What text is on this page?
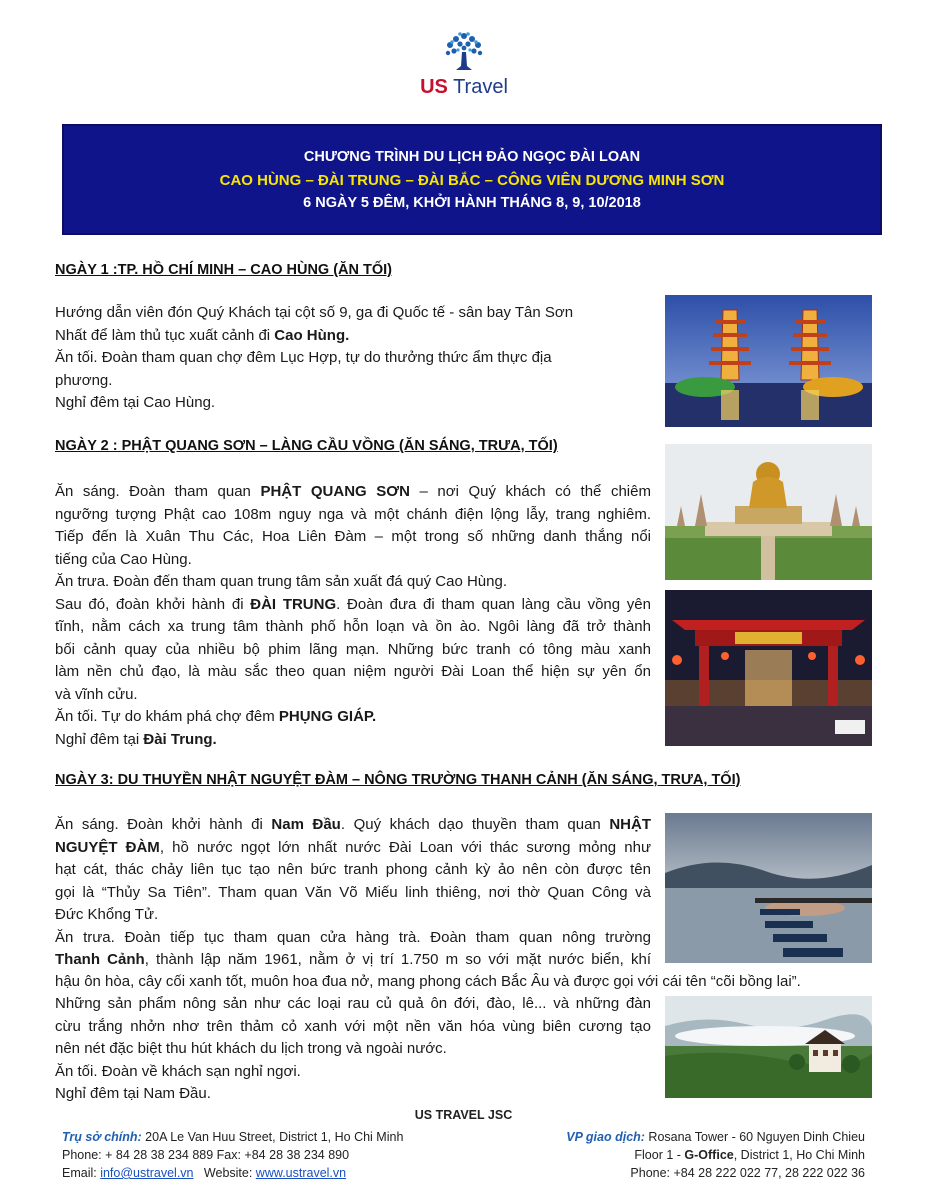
US Travel
CHƯƠNG TRÌNH DU LỊCH ĐẢO NGỌC ĐÀI LOAN
CAO HÙNG – ĐÀI TRUNG – ĐÀI BẮC – CÔNG VIÊN DƯƠNG MINH SƠN
6 NGÀY 5 ĐÊM, KHỞI HÀNH THÁNG 8, 9, 10/2018
NGÀY 1 :TP. HỒ CHÍ MINH – CAO HÙNG (ĂN TỐI)

Hướng dẫn viên đón Quý Khách tại cột số 9, ga đi Quốc tế - sân bay Tân Sơn

Nhất để làm thủ tục xuất cảnh đi Cao Hùng.

Ăn tối. Đoàn tham quan chợ đêm Lục Hợp, tự do thưởng thức ẩm thực địa

phương.

Nghỉ đêm tại Cao Hùng.

NGÀY 2 : PHẬT QUANG SƠN – LÀNG CẦU VỒNG (ĂN SÁNG, TRƯA, TỐI)

Ăn sáng. Đoàn tham quan PHẬT QUANG SƠN – nơi Quý khách có thể chiêm

ngưỡng tượng Phật cao 108m nguy nga và một chánh điện lộng lẫy, trang nghiêm.

Tiếp đến là Xuân Thu Các, Hoa Liên Đàm – một trong số những danh thắng nổi

tiếng của Cao Hùng.

Ăn trưa. Đoàn đến tham quan trung tâm sản xuất đá quý Cao Hùng.

Sau đó, đoàn khởi hành đi ĐÀI TRUNG. Đoàn đưa đi tham quan làng cầu vồng yên

tĩnh, nằm cách xa trung tâm thành phố hỗn loạn và ồn ào. Ngôi làng đã trở thành

bối cảnh quay của nhiều bộ phim lãng mạn. Những bức tranh có tông màu xanh

làm nền chủ đạo, là màu sắc theo quan niệm người Đài Loan thể hiện sự yên ổn

và vĩnh cửu.

Ăn tối. Tự do khám phá chợ đêm PHỤNG GIÁP.

Nghỉ đêm tại Đài Trung.

NGÀY 3: DU THUYỀN NHẬT NGUYỆT ĐÀM – NÔNG TRƯỜNG THANH CẢNH (ĂN SÁNG, TRƯA, TỐI)

Ăn sáng. Đoàn khởi hành đi Nam Đầu. Quý khách dạo thuyền tham quan NHẬT

NGUYỆT ĐÀM, hồ nước ngọt lớn nhất nước Đài Loan với thác sương mỏng như

hạt cát, thác chảy liên tục tạo nên bức tranh phong cảnh kỳ ảo nên còn được tên

gọi là “Thủy Sa Tiên”. Tham quan Văn Võ Miếu linh thiêng, nơi thờ Quan Công và

Đức Khổng Tử.

Ăn trưa. Đoàn tiếp tục tham quan cửa hàng trà. Đoàn tham quan nông trường

Thanh Cảnh, thành lập năm 1961, nằm ở vị trí 1.750 m so với mặt nước biển, khí

hậu ôn hòa, cây cối xanh tốt, muôn hoa đua nở, mang phong cách Bắc Âu và được gọi với cái tên “cõi bồng lai”.

Những sản phẩm nông sản như các loại rau củ quả ôn đới, đào, lê... và những đàn

cừu trắng nhởn nhơ trên thảm cỏ xanh với một nền văn hóa vùng biên cương tạo

nên nét đặc biệt thu hút khách du lịch trong và ngoài nước.

Ăn tối. Đoàn về khách sạn nghỉ ngơi.

Nghỉ đêm tại Nam Đầu.

US TRAVEL JSC
Trụ sở chính: 20A Le Van Huu Street, District 1, Ho Chi Minh
Phone: + 84 28 38 234 889 Fax: +84 28 38 234 890
Email: info@ustravel.vn   Website: www.ustravel.vn
VP giao dịch: Rosana Tower - 60 Nguyen Dinh Chieu
Floor 1 - G-Office, District 1, Ho Chi Minh
Phone: +84 28 222 022 77, 28 222 022 36
